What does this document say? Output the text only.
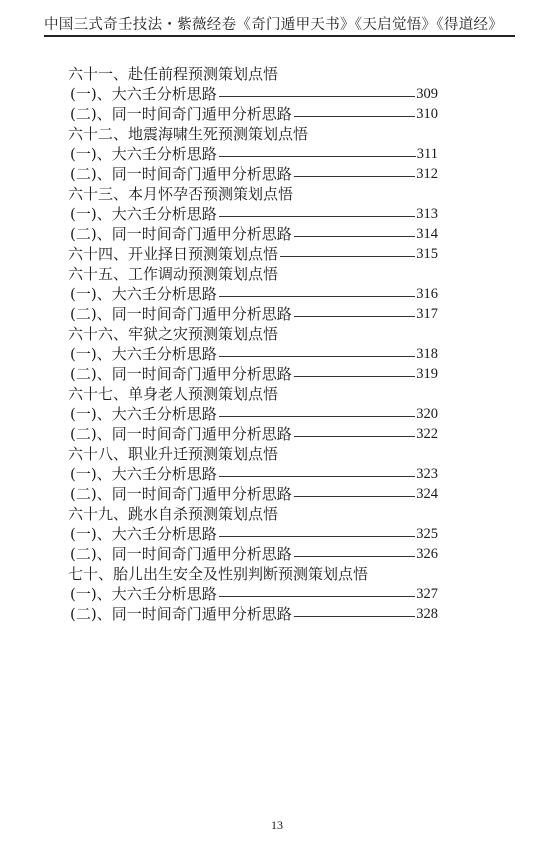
中国三式奇壬技法・紫薇经卷《奇门遁甲天书》《天启觉悟》《得道经》
六十一、赴任前程预测策划点悟
(一)、大六壬分析思路	309
(二)、同一时间奇门遁甲分析思路	310
六十二、地震海啸生死预测策划点悟
(一)、大六壬分析思路	311
(二)、同一时间奇门遁甲分析思路	312
六十三、本月怀孕否预测策划点悟
(一)、大六壬分析思路	313
(二)、同一时间奇门遁甲分析思路	314
六十四、开业择日预测策划点悟	315
六十五、工作调动预测策划点悟
(一)、大六壬分析思路	316
(二)、同一时间奇门遁甲分析思路	317
六十六、牢狱之灾预测策划点悟
(一)、大六壬分析思路	318
(二)、同一时间奇门遁甲分析思路	319
六十七、单身老人预测策划点悟
(一)、大六壬分析思路	320
(二)、同一时间奇门遁甲分析思路	322
六十八、职业升迁预测策划点悟
(一)、大六壬分析思路	323
(二)、同一时间奇门遁甲分析思路	324
六十九、跳水自杀预测策划点悟
(一)、大六壬分析思路	325
(二)、同一时间奇门遁甲分析思路	326
七十、胎儿出生安全及性别判断预测策划点悟
(一)、大六壬分析思路	327
(二)、同一时间奇门遁甲分析思路	328
13
